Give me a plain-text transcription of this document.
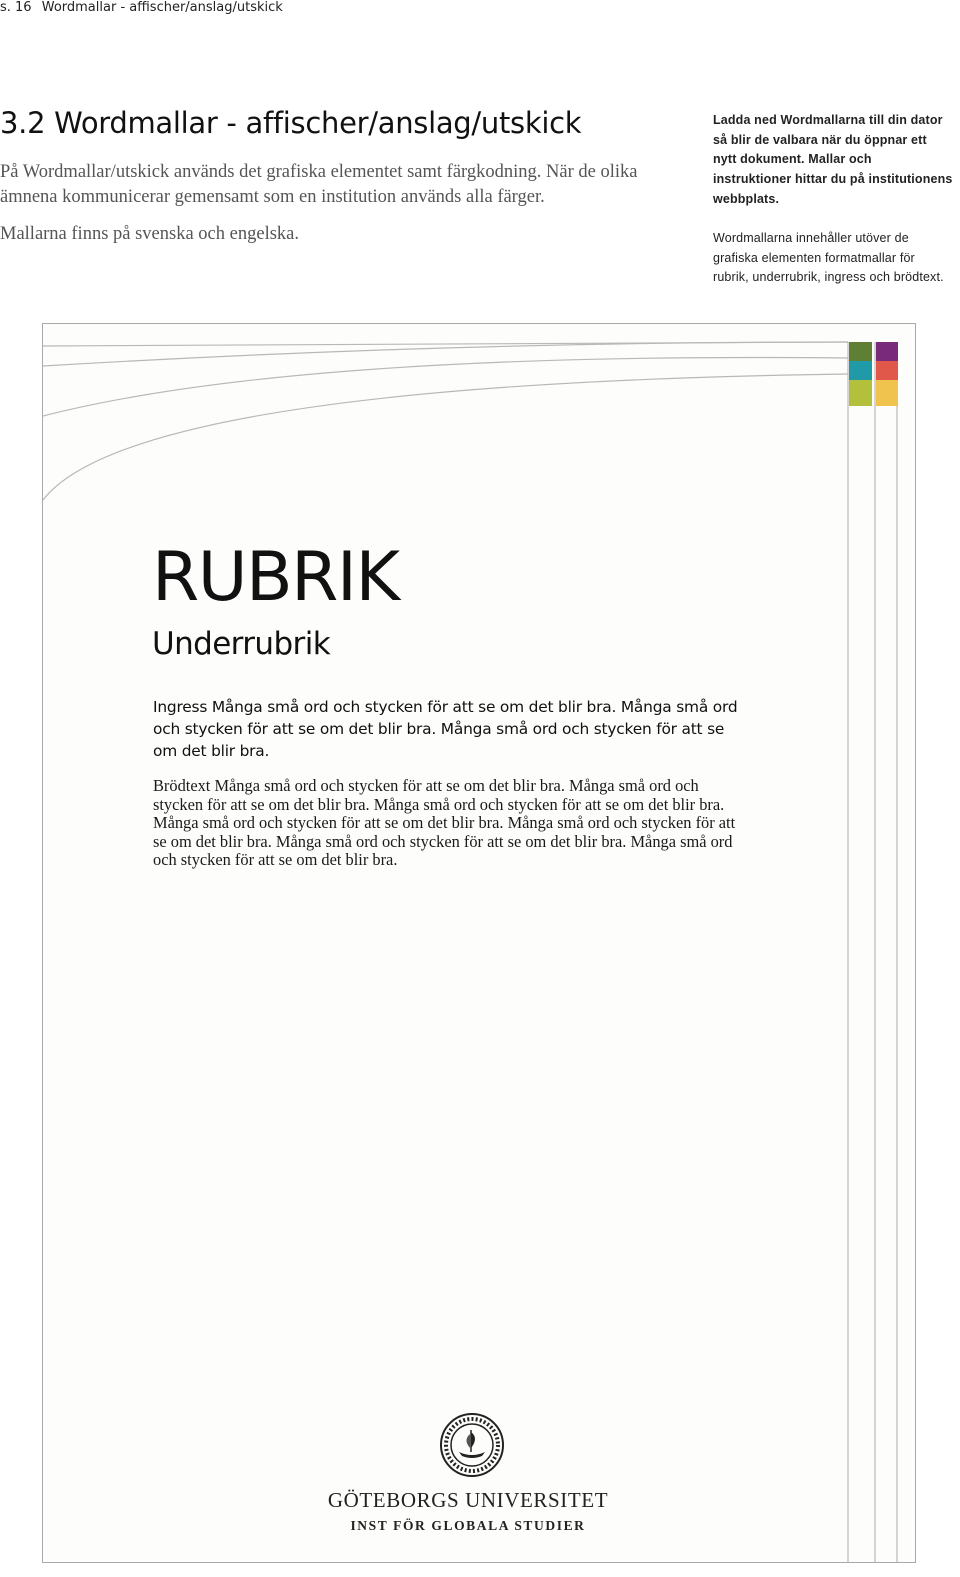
s. 16 Wordmallar - affischer/anslag/utskick
3.2 Wordmallar - affischer/anslag/utskick

På Wordmallar/utskick används det grafiska elementet samt färgkodning. När de olika ämnena kommunicerar gemensamt som en institution används alla färger.

Mallarna finns på svenska och engelska.

Ladda ned Wordmallarna till din dator så blir de valbara när du öppnar ett nytt dokument. Mallar och instruktioner hittar du på institutionens webbplats.

Wordmallarna innehåller utöver de grafiska elementen formatmallar för rubrik, underrubrik, ingress och brödtext.

RUBRIK
Underrubrik

Ingress Många små ord och stycken för att se om det blir bra. Många små ord och stycken för att se om det blir bra. Många små ord och stycken för att se om det blir bra.

Brödtext Många små ord och stycken för att se om det blir bra. Många små ord och stycken för att se om det blir bra. Många små ord och stycken för att se om det blir bra. Många små ord och stycken för att se om det blir bra. Många små ord och stycken för att se om det blir bra. Många små ord och stycken för att se om det blir bra. Många små ord och stycken för att se om det blir bra.

GÖTEBORGS UNIVERSITET

INST FÖR GLOBALA STUDIER
